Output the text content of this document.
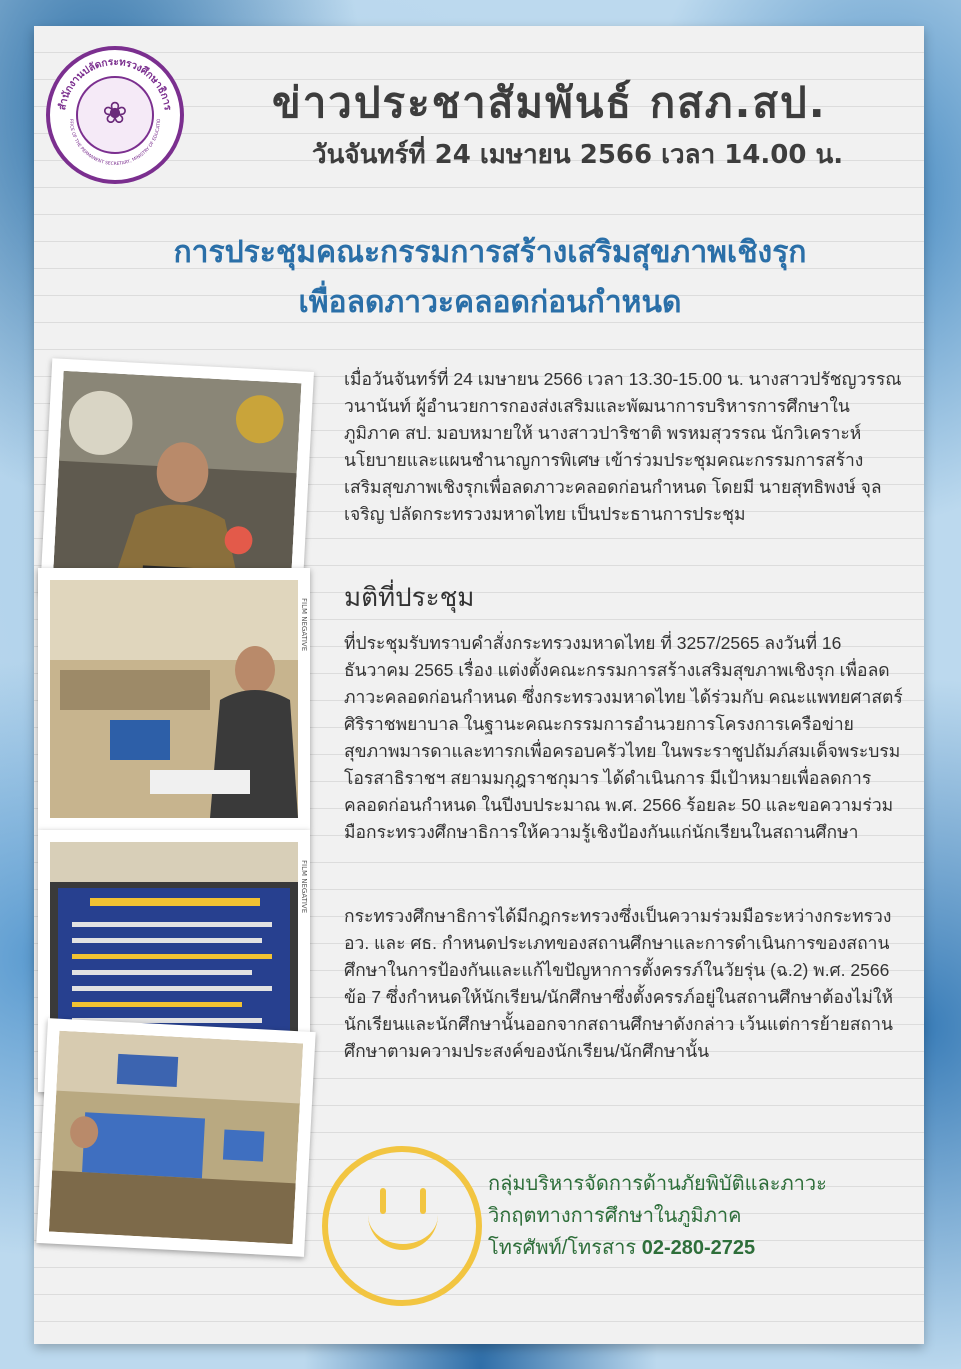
สำนักงานปลัดกระทรวงศึกษาธิการ
FFICE OF THE PERMANENT SECRETARY, MINISTRY OF EDUCATIO
❀	ข่าวประชาสัมพันธ์ กสภ.สป.
วันจันทร์ที่ 24 เมษายน 2566 เวลา 14.00 น.
การประชุมคณะกรรมการสร้างเสริมสุขภาพเชิงรุก
เพื่อลดภาวะคลอดก่อนกำหนด
FILM NEGATIVE
FILM NEGATIVE
เมื่อวันจันทร์ที่ 24 เมษายน 2566 เวลา 13.30-15.00 น. นางสาวปรัชญวรรณ วนานันท์ ผู้อำนวยการกองส่งเสริมและพัฒนาการบริหารการศึกษาในภูมิภาค สป. มอบหมายให้ นางสาวปาริชาติ พรหมสุวรรณ นักวิเคราะห์นโยบายและแผนชำนาญการพิเศษ เข้าร่วมประชุมคณะกรรมการสร้างเสริมสุขภาพเชิงรุกเพื่อลดภาวะคลอดก่อนกำหนด โดยมี นายสุทธิพงษ์ จุลเจริญ ปลัดกระทรวงมหาดไทย เป็นประธานการประชุม
มติที่ประชุม
ที่ประชุมรับทราบคำสั่งกระทรวงมหาดไทย ที่ 3257/2565 ลงวันที่ 16 ธันวาคม 2565 เรื่อง แต่งตั้งคณะกรรมการสร้างเสริมสุขภาพเชิงรุก เพื่อลดภาวะคลอดก่อนกำหนด ซึ่งกระทรวงมหาดไทย ได้ร่วมกับ คณะแพทยศาสตร์ ศิริราชพยาบาล ในฐานะคณะกรรมการอำนวยการโครงการเครือข่ายสุขภาพมารดาและทารกเพื่อครอบครัวไทย ในพระราชูปถัมภ์สมเด็จพระบรมโอรสาธิราชฯ สยามมกุฎราชกุมาร ได้ดำเนินการ มีเป้าหมายเพื่อลดการคลอดก่อนกำหนด ในปีงบประมาณ พ.ศ. 2566 ร้อยละ 50 และขอความร่วมมือกระทรวงศึกษาธิการให้ความรู้เชิงป้องกันแก่นักเรียนในสถานศึกษา
กระทรวงศึกษาธิการได้มีกฎกระทรวงซึ่งเป็นความร่วมมือระหว่างกระทรวง อว. และ ศธ. กำหนดประเภทของสถานศึกษาและการดำเนินการของสถานศึกษาในการป้องกันและแก้ไขปัญหาการตั้งครรภ์ในวัยรุ่น (ฉ.2) พ.ศ. 2566 ข้อ 7 ซึ่งกำหนดให้นักเรียน/นักศึกษาซึ่งตั้งครรภ์อยู่ในสถานศึกษาต้องไม่ให้นักเรียนและนักศึกษานั้นออกจากสถานศึกษาดังกล่าว เว้นแต่การย้ายสถานศึกษาตามความประสงค์ของนักเรียน/นักศึกษานั้น
กลุ่มบริหารจัดการด้านภัยพิบัติและภาวะ
วิกฤตทางการศึกษาในภูมิภาค
โทรศัพท์/โทรสาร 02-280-2725
